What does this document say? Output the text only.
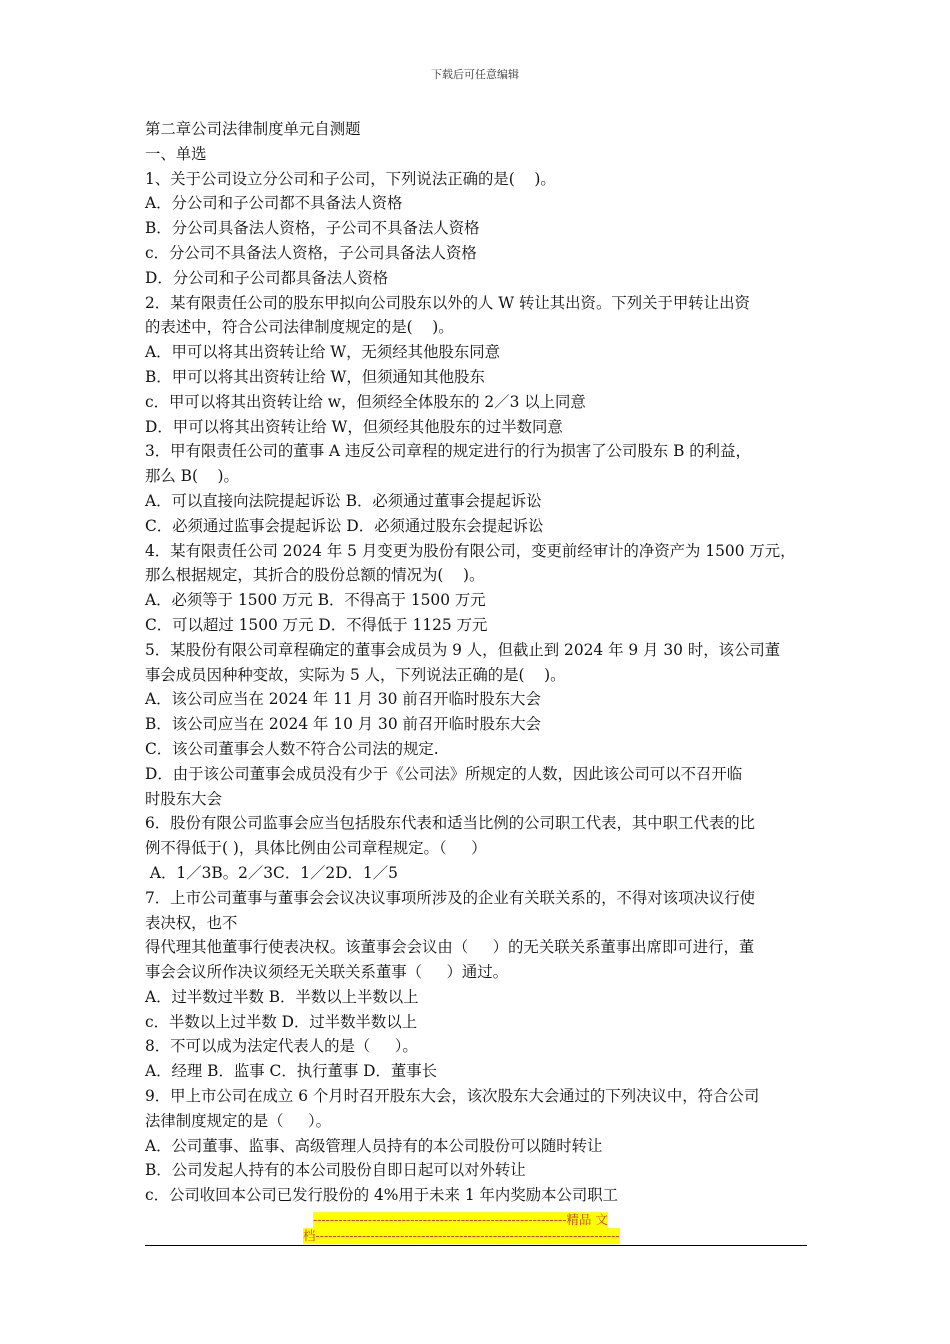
下载后可任意编辑

第二章公司法律制度单元自测题

一、单选

1、关于公司设立分公司和子公司，下列说法正确的是(    )。

A．分公司和子公司都不具备法人资格

B．分公司具备法人资格，子公司不具备法人资格

c．分公司不具备法人资格，子公司具备法人资格

D．分公司和子公司都具备法人资格

2．某有限责任公司的股东甲拟向公司股东以外的人 W 转让其出资。下列关于甲转让出资

的表述中，符合公司法律制度规定的是(    )。

A．甲可以将其出资转让给 W，无须经其他股东同意

B．甲可以将其出资转让给 W，但须通知其他股东

c．甲可以将其出资转让给 w，但须经全体股东的 2／3 以上同意

D．甲可以将其出资转让给 W，但须经其他股东的过半数同意

3．甲有限责任公司的董事 A 违反公司章程的规定进行的行为损害了公司股东 B 的利益，

那么 B(    )。

A．可以直接向法院提起诉讼 B．必须通过董事会提起诉讼

C．必须通过监事会提起诉讼 D．必须通过股东会提起诉讼

4．某有限责任公司 2024 年 5 月变更为股份有限公司，变更前经审计的净资产为 1500 万元，

那么根据规定，其折合的股份总额的情况为(    )。

A．必须等于 1500 万元 B．不得高于 1500 万元

C．可以超过 1500 万元 D．不得低于 1125 万元

5．某股份有限公司章程确定的董事会成员为 9 人，但截止到 2024 年 9 月 30 时，该公司董

事会成员因种种变故，实际为 5 人，下列说法正确的是(    )。

A．该公司应当在 2024 年 11 月 30 前召开临时股东大会

B．该公司应当在 2024 年 10 月 30 前召开临时股东大会

C．该公司董事会人数不符合公司法的规定.

D．由于该公司董事会成员没有少于《公司法》所规定的人数，因此该公司可以不召开临

时股东大会

6．股份有限公司监事会应当包括股东代表和适当比例的公司职工代表，其中职工代表的比

例不得低于( )，具体比例由公司章程规定。（     ）

A．1／3B。2／3C．1／2D．1／5

7．上市公司董事与董事会会议决议事项所涉及的企业有关联关系的，不得对该项决议行使

表决权，也不

得代理其他董事行使表决权。该董事会会议由（     ）的无关联关系董事出席即可进行，董

事会会议所作决议须经无关联关系董事（     ）通过。

A．过半数过半数 B．半数以上半数以上

c．半数以上过半数 D．过半数半数以上

8．不可以成为法定代表人的是（     ）。

A．经理 B．监事 C．执行董事 D．董事长

9．甲上市公司在成立 6 个月时召开股东大会，该次股东大会通过的下列决议中，符合公司

法律制度规定的是（     ）。

A．公司董事、监事、高级管理人员持有的本公司股份可以随时转让

B．公司发起人持有的本公司股份自即日起可以对外转让

c．公司收回本公司已发行股份的 4%用于未来 1 年内奖励本公司职工

------------------------------------------------------------精品 文
档------------------------------------------------------------------------
